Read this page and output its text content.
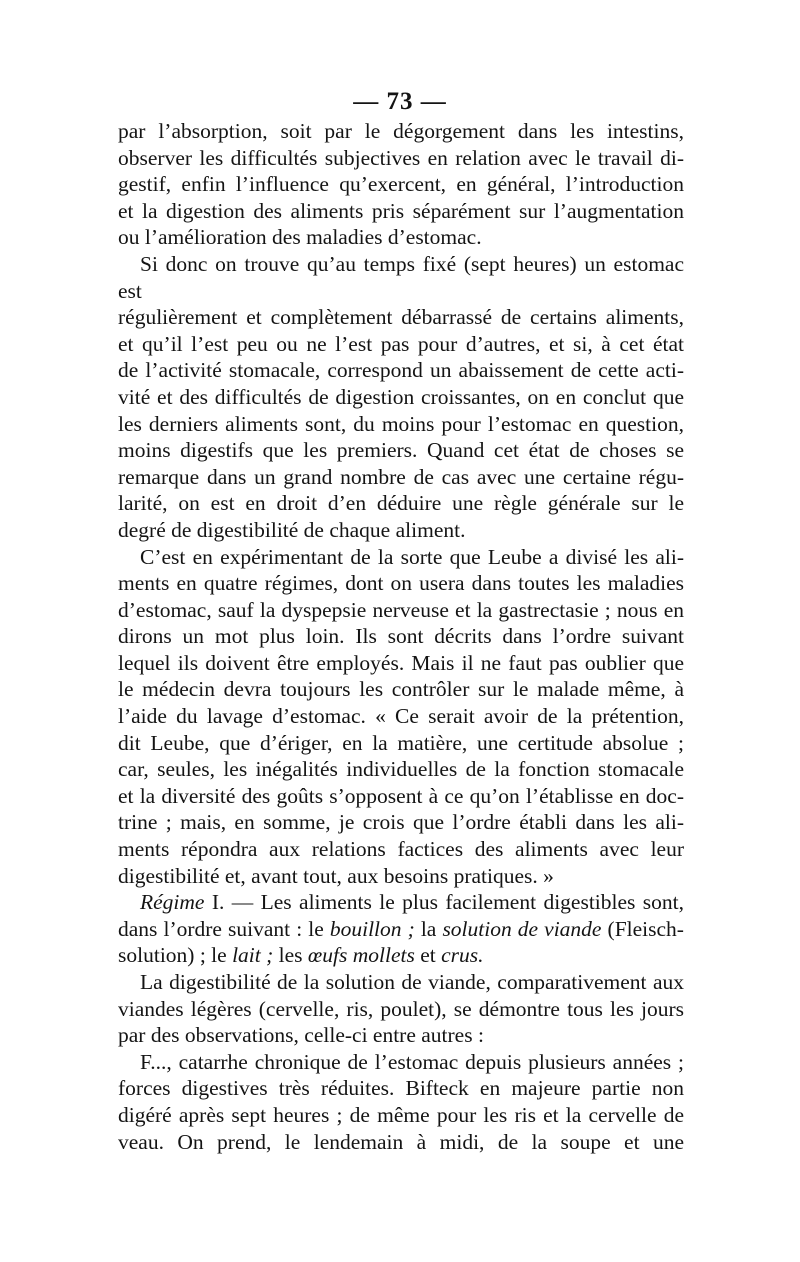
— 73 —

par l’absorption, soit par le dégorgement dans les intestins,
observer les difficultés subjectives en relation avec le travail di-
gestif, enfin l’influence qu’exercent, en général, l’introduction
et la digestion des aliments pris séparément sur l’augmentation
ou l’amélioration des maladies d’estomac.

Si donc on trouve qu’au temps fixé (sept heures) un estomac est
régulièrement et complètement débarrassé de certains aliments,
et qu’il l’est peu ou ne l’est pas pour d’autres, et si, à cet état
de l’activité stomacale, correspond un abaissement de cette acti-
vité et des difficultés de digestion croissantes, on en conclut que
les derniers aliments sont, du moins pour l’estomac en question,
moins digestifs que les premiers. Quand cet état de choses se
remarque dans un grand nombre de cas avec une certaine régu-
larité, on est en droit d’en déduire une règle générale sur le
degré de digestibilité de chaque aliment.

C’est en expérimentant de la sorte que Leube a divisé les ali-
ments en quatre régimes, dont on usera dans toutes les maladies
d’estomac, sauf la dyspepsie nerveuse et la gastrectasie ; nous en
dirons un mot plus loin. Ils sont décrits dans l’ordre suivant
lequel ils doivent être employés. Mais il ne faut pas oublier que
le médecin devra toujours les contrôler sur le malade même, à
l’aide du lavage d’estomac. « Ce serait avoir de la prétention,
dit Leube, que d’ériger, en la matière, une certitude absolue ;
car, seules, les inégalités individuelles de la fonction stomacale
et la diversité des goûts s’opposent à ce qu’on l’établisse en doc-
trine ; mais, en somme, je crois que l’ordre établi dans les ali-
ments répondra aux relations factices des aliments avec leur
digestibilité et, avant tout, aux besoins pratiques. »

Régime I. — Les aliments le plus facilement digestibles sont, dans l’ordre suivant : le bouillon ; la solution de viande (Fleisch-solution) ; le lait ; les œufs mollets et crus.

La digestibilité de la solution de viande, comparativement aux
viandes légères (cervelle, ris, poulet), se démontre tous les jours
par des observations, celle-ci entre autres :

F..., catarrhe chronique de l’estomac depuis plusieurs années ;
forces digestives très réduites. Bifteck en majeure partie non
digéré après sept heures ; de même pour les ris et la cervelle de
veau. On prend, le lendemain à midi, de la soupe et une
